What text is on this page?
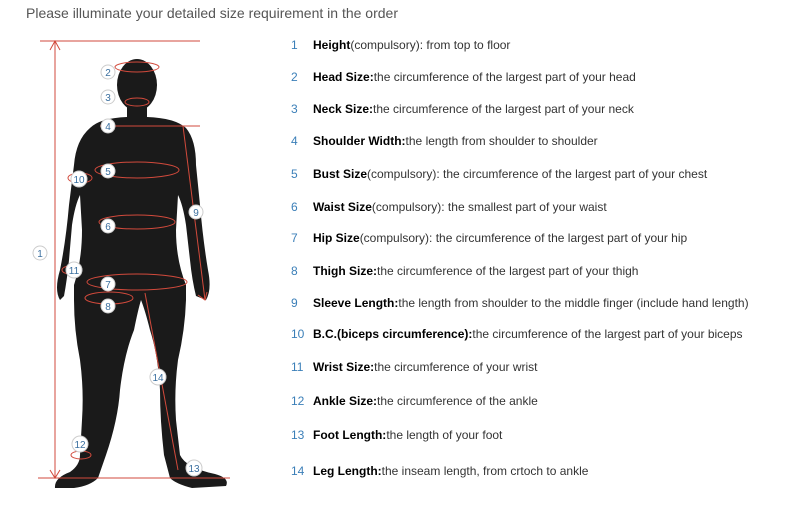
Please illuminate your detailed size requirement in the order
1
2
3
4
5
6
7
8
9
10
11
12
13
14
1	Height (compulsory) : from top to floor
2	Head Size: the circumference of the largest part of your head
3	Neck Size: the circumference of the largest part of your neck
4	Shoulder Width: the length from shoulder to shoulder
5	Bust Size (compulsory) : the circumference of the largest part of your chest
6	Waist Size (compulsory) : the smallest part of your waist
7	Hip Size (compulsory) : the circumference of the largest part of your hip
8	Thigh Size: the circumference of the largest part of your thigh
9	Sleeve Length: the length from shoulder to the middle finger (include hand length)
10 B.C.(biceps circumference): the circumference of the largest part of your biceps
11 Wrist Size: the circumference of your wrist
12 Ankle Size: the circumference of the ankle
13 Foot Length: the length of your foot
14 Leg Length: the inseam length, from crtoch to ankle
